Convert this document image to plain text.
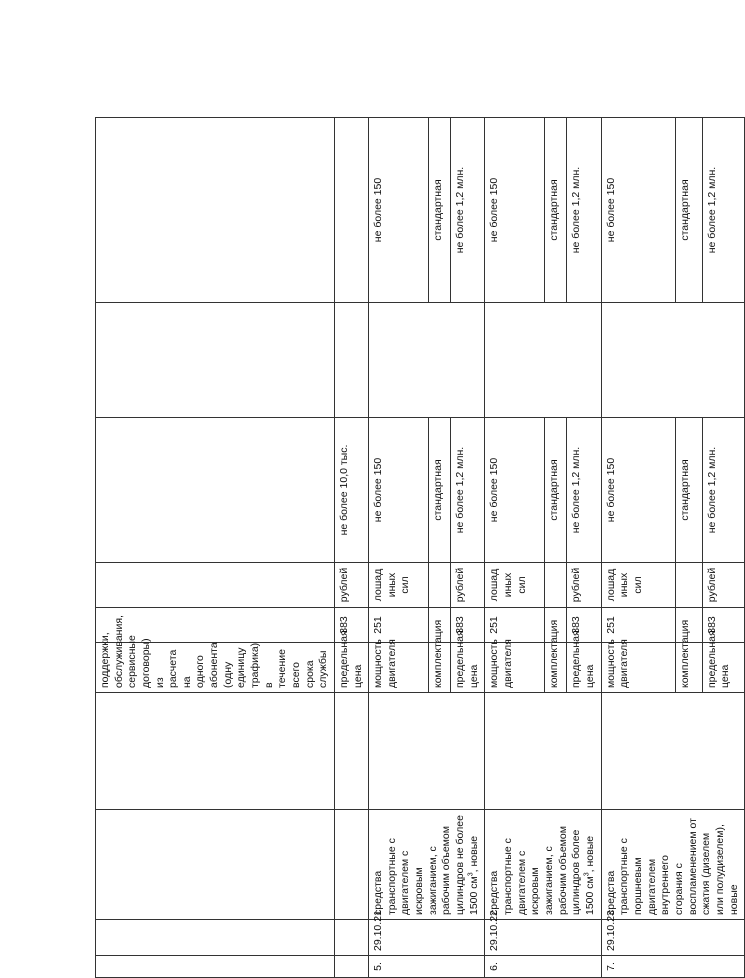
				поддержки, обслуживания, сервисные договоры) из расчета на одного абонента (одну единицу трафика) в течение всего срока службы					
				предельная цена	383	рублей	не более 10,0 тыс.		
5.	29.10.21	средства транспортные с двигателем с искровым зажиганием, с рабочим объемом цилиндров не более 1500 $см^3$, новые		мощность двигателя	251	лошад иных сил	не более 150		не более 150
				комплектация			стандартная		стандартная
				предельная цена	383	рублей	не более 1,2 млн.		не более 1,2 млн.
6.	29.10.22	средства транспортные с двигателем с искровым зажиганием, с рабочим объемом цилиндров более 1500 $см^3$, новые		мощность двигателя	251	лошад иных сил	не более 150		не более 150
				комплектация			стандартная		стандартная
				предельная цена	383	рублей	не более 1,2 млн.		не более 1,2 млн.
7.	29.10.23	средства транспортные с поршневым двигателем внутреннего сгорания с воспламенением от сжатия (дизелем или полудизелем), новые		мощность двигателя	251	лошад иных сил	не более 150		не более 150
				комплектация			стандартная		стандартная
				предельная цена	383	рублей	не более 1,2 млн.		не более 1,2 млн.
